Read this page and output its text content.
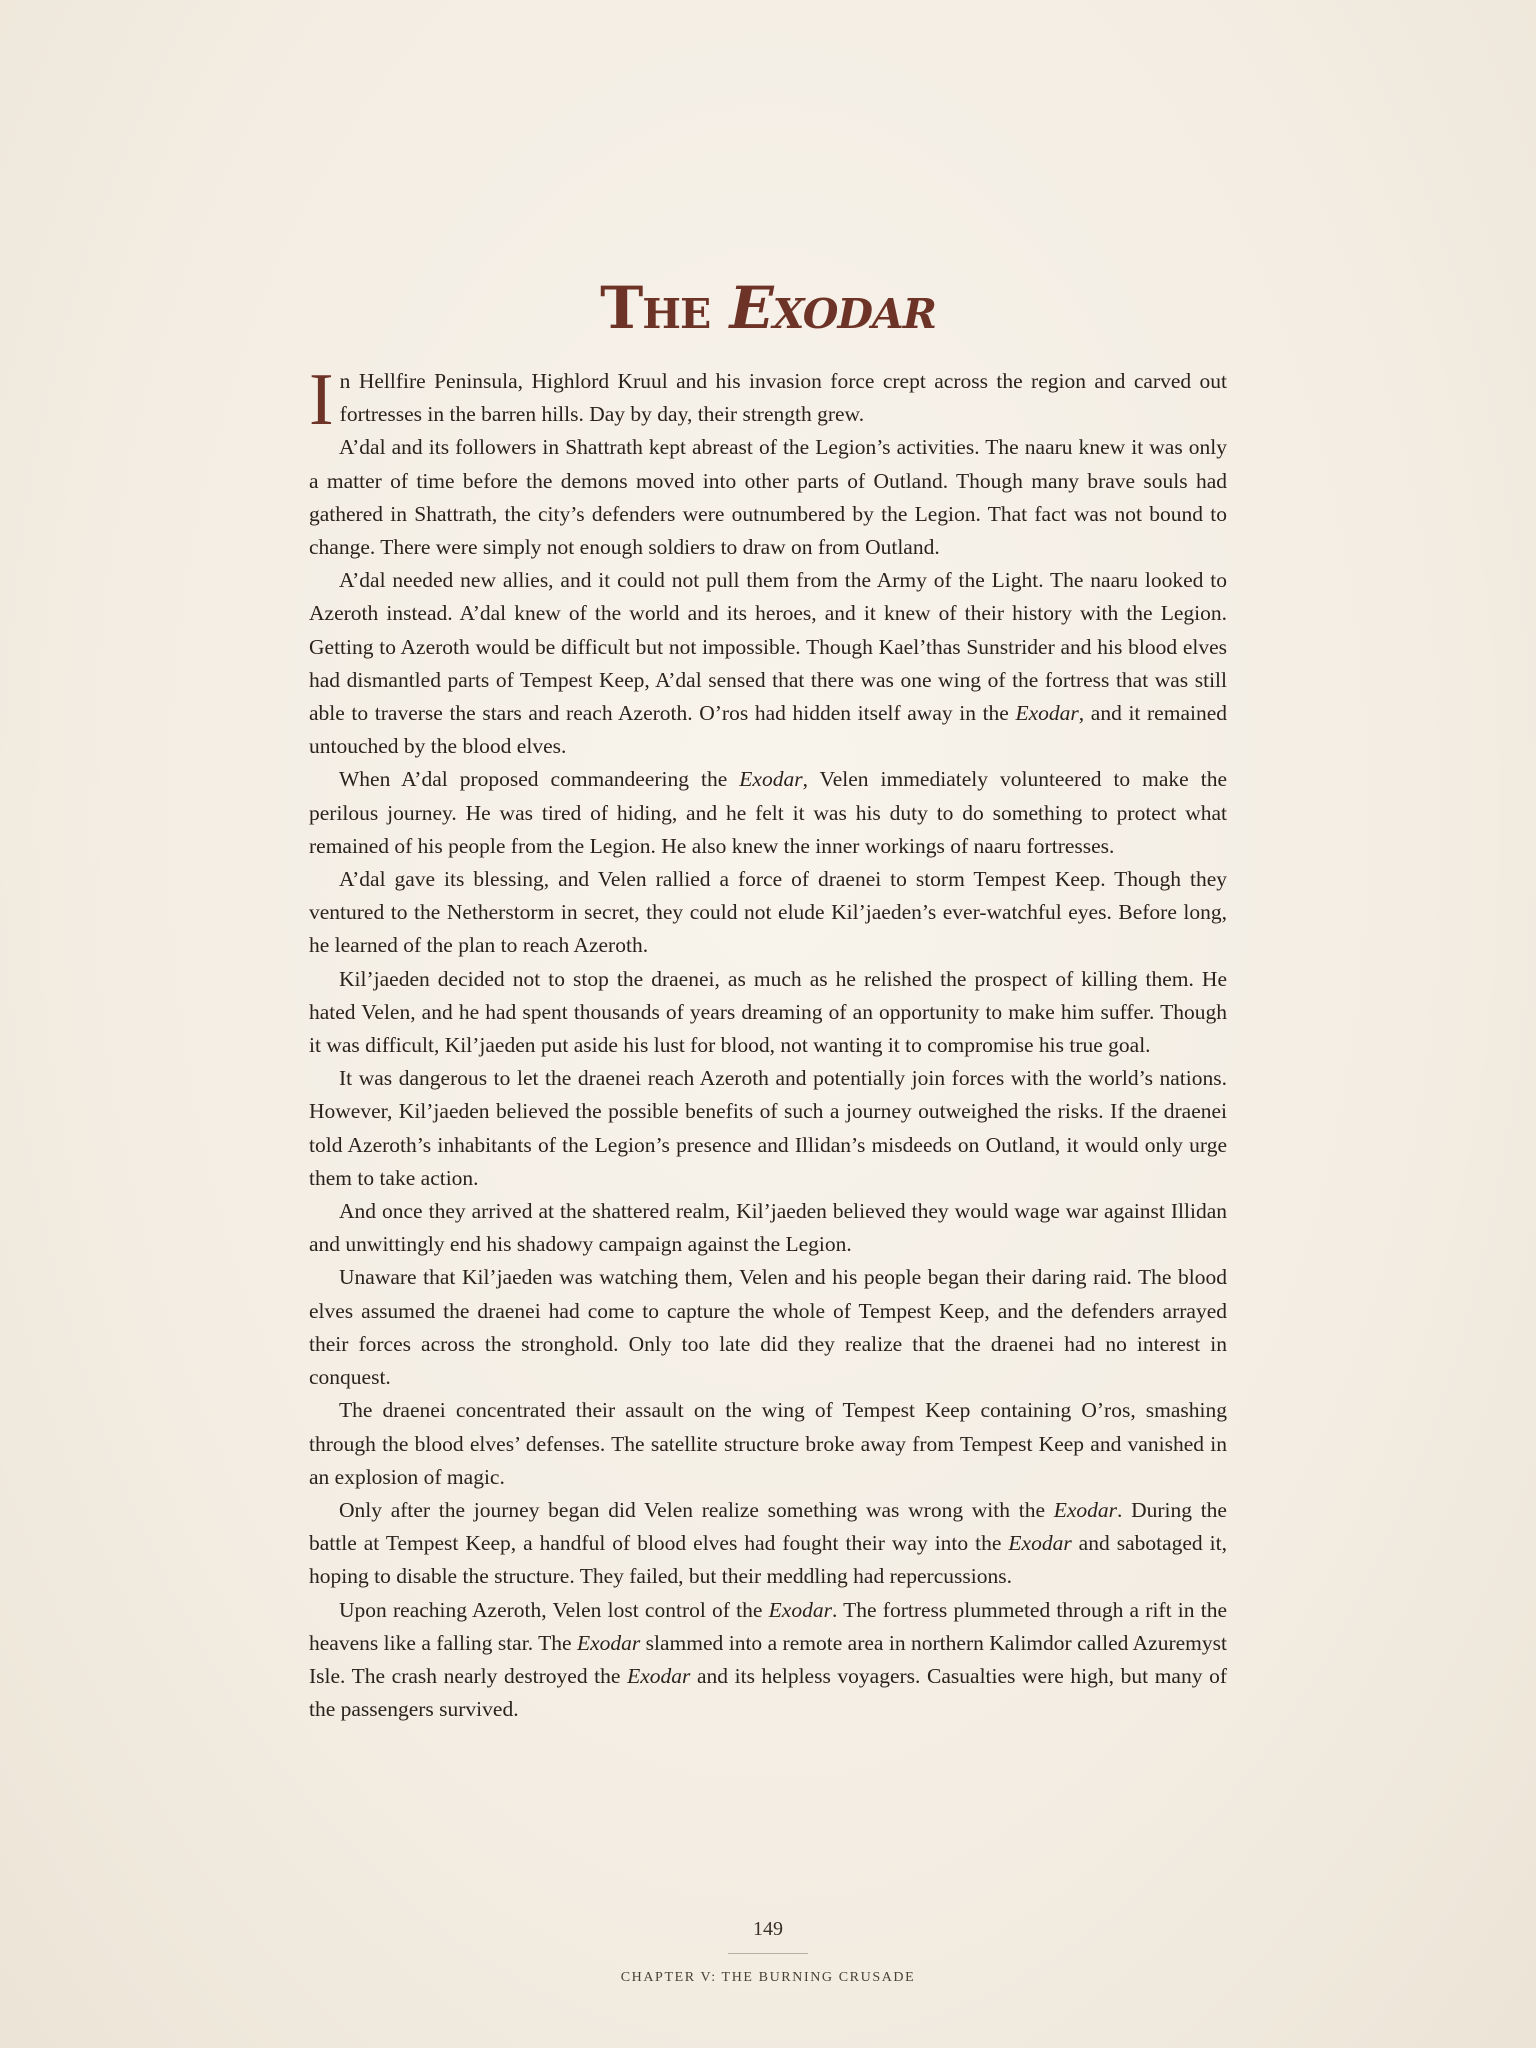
The Exodar

In Hellfire Peninsula, Highlord Kruul and his invasion force crept across the region and carved out fortresses in the barren hills. Day by day, their strength grew.

A’dal and its followers in Shattrath kept abreast of the Legion’s activities. The naaru knew it was only a matter of time before the demons moved into other parts of Outland. Though many brave souls had gathered in Shattrath, the city’s defenders were outnumbered by the Legion. That fact was not bound to change. There were simply not enough soldiers to draw on from Outland.

A’dal needed new allies, and it could not pull them from the Army of the Light. The naaru looked to Azeroth instead. A’dal knew of the world and its heroes, and it knew of their history with the Legion. Getting to Azeroth would be difficult but not impossible. Though Kael’thas Sunstrider and his blood elves had dismantled parts of Tempest Keep, A’dal sensed that there was one wing of the fortress that was still able to traverse the stars and reach Azeroth. O’ros had hidden itself away in the Exodar, and it remained untouched by the blood elves.

When A’dal proposed commandeering the Exodar, Velen immediately volunteered to make the perilous journey. He was tired of hiding, and he felt it was his duty to do something to protect what remained of his people from the Legion. He also knew the inner workings of naaru fortresses.

A’dal gave its blessing, and Velen rallied a force of draenei to storm Tempest Keep. Though they ventured to the Netherstorm in secret, they could not elude Kil’jaeden’s ever-watchful eyes. Before long, he learned of the plan to reach Azeroth.

Kil’jaeden decided not to stop the draenei, as much as he relished the prospect of killing them. He hated Velen, and he had spent thousands of years dreaming of an opportunity to make him suffer. Though it was difficult, Kil’jaeden put aside his lust for blood, not wanting it to compromise his true goal.

It was dangerous to let the draenei reach Azeroth and potentially join forces with the world’s nations. However, Kil’jaeden believed the possible benefits of such a journey outweighed the risks. If the draenei told Azeroth’s inhabitants of the Legion’s presence and Illidan’s misdeeds on Outland, it would only urge them to take action.

And once they arrived at the shattered realm, Kil’jaeden believed they would wage war against Illidan and unwittingly end his shadowy campaign against the Legion.

Unaware that Kil’jaeden was watching them, Velen and his people began their daring raid. The blood elves assumed the draenei had come to capture the whole of Tempest Keep, and the defenders arrayed their forces across the stronghold. Only too late did they realize that the draenei had no interest in conquest.

The draenei concentrated their assault on the wing of Tempest Keep containing O’ros, smashing through the blood elves’ defenses. The satellite structure broke away from Tempest Keep and vanished in an explosion of magic.

Only after the journey began did Velen realize something was wrong with the Exodar. During the battle at Tempest Keep, a handful of blood elves had fought their way into the Exodar and sabotaged it, hoping to disable the structure. They failed, but their meddling had repercussions.

Upon reaching Azeroth, Velen lost control of the Exodar. The fortress plummeted through a rift in the heavens like a falling star. The Exodar slammed into a remote area in northern Kalimdor called Azuremyst Isle. The crash nearly destroyed the Exodar and its helpless voyagers. Casualties were high, but many of the passengers survived.

149
CHAPTER V: THE BURNING CRUSADE
